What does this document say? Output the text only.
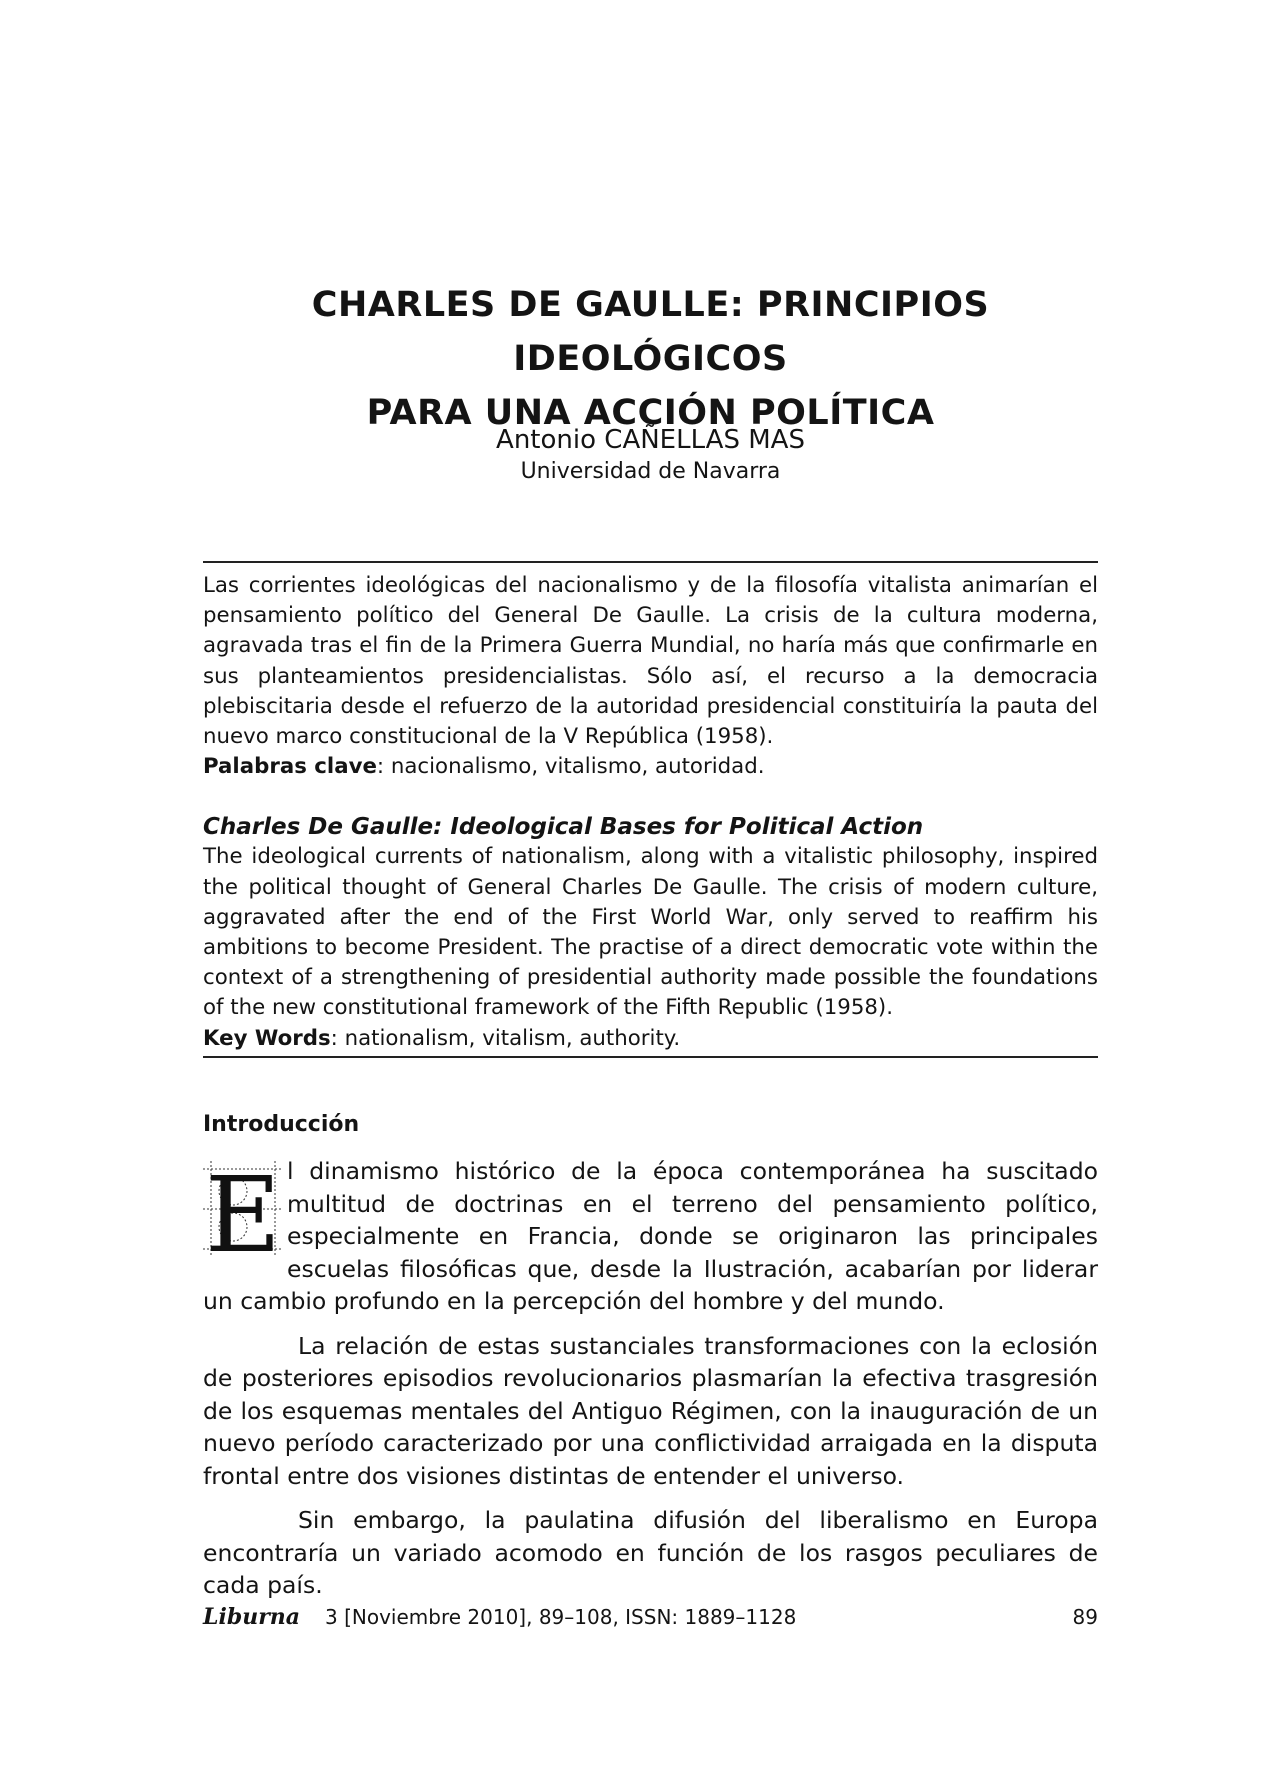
CHARLES DE GAULLE: PRINCIPIOS IDEOLÓGICOS
PARA UNA ACCIÓN POLÍTICA
Antonio CAÑELLAS MAS
Universidad de Navarra

Las corrientes ideológicas del nacionalismo y de la filosofía vitalista animarían el pensamiento político del General De Gaulle. La crisis de la cultura moderna, agravada tras el fin de la Primera Guerra Mundial, no haría más que confirmarle en sus planteamientos presidencialistas. Sólo así, el recurso a la democracia plebiscitaria desde el refuerzo de la autoridad presidencial constituiría la pauta del nuevo marco constitucional de la V República (1958).

Palabras clave: nacionalismo, vitalismo, autoridad.

Charles De Gaulle: Ideological Bases for Political Action

The ideological currents of nationalism, along with a vitalistic philosophy, inspired the political thought of General Charles De Gaulle. The crisis of modern culture, aggravated after the end of the First World War, only served to reaffirm his ambitions to become President. The practise of a direct democratic vote within the context of a strengthening of presidential authority made possible the foundations of the new constitutional framework of the Fifth Republic (1958).

Key Words: nationalism, vitalism, authority.

Introducción

E l dinamismo histórico de la época contemporánea ha suscitado multitud de doctrinas en el terreno del pensamiento político, especialmente en Francia, donde se originaron las principales escuelas filosóficas que, desde la Ilustración, acabarían por liderar un cambio profundo en la percepción del hombre y del mundo.

La relación de estas sustanciales transformaciones con la eclosión de posteriores episodios revolucionarios plasmarían la efectiva trasgresión de los esquemas mentales del Antiguo Régimen, con la inauguración de un nuevo período caracterizado por una conflictividad arraigada en la disputa frontal entre dos visiones distintas de entender el universo.

Sin embargo, la paulatina difusión del liberalismo en Europa encontraría un variado acomodo en función de los rasgos peculiares de cada país.

Liburna 3 [Noviembre 2010], 89–108, ISSN: 1889–1128	89
